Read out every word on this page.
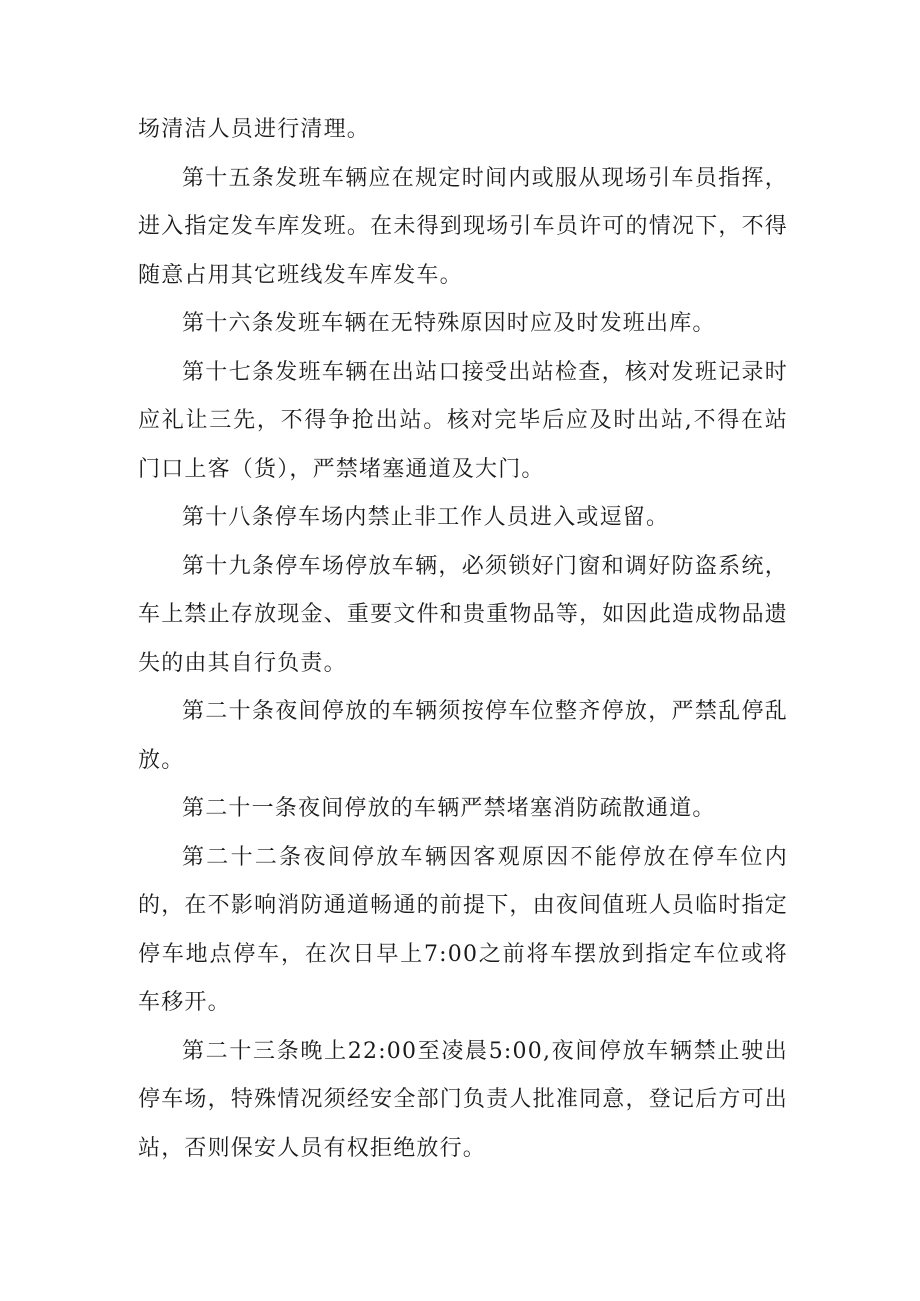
场清洁人员进行清理。

第十五条发班车辆应在规定时间内或服从现场引车员指挥，进入指定发车库发班。在未得到现场引车员许可的情况下，不得随意占用其它班线发车库发车。

第十六条发班车辆在无特殊原因时应及时发班出库。

第十七条发班车辆在出站口接受出站检查，核对发班记录时应礼让三先，不得争抢出站。核对完毕后应及时出站,不得在站门口上客（货），严禁堵塞通道及大门。

第十八条停车场内禁止非工作人员进入或逗留。

第十九条停车场停放车辆，必须锁好门窗和调好防盗系统，车上禁止存放现金、重要文件和贵重物品等，如因此造成物品遗失的由其自行负责。

第二十条夜间停放的车辆须按停车位整齐停放，严禁乱停乱放。

第二十一条夜间停放的车辆严禁堵塞消防疏散通道。

第二十二条夜间停放车辆因客观原因不能停放在停车位内的，在不影响消防通道畅通的前提下，由夜间值班人员临时指定停车地点停车，在次日早上7:00之前将车摆放到指定车位或将车移开。

第二十三条晚上22:00至凌晨5:00,夜间停放车辆禁止驶出停车场，特殊情况须经安全部门负责人批准同意，登记后方可出站，否则保安人员有权拒绝放行。
